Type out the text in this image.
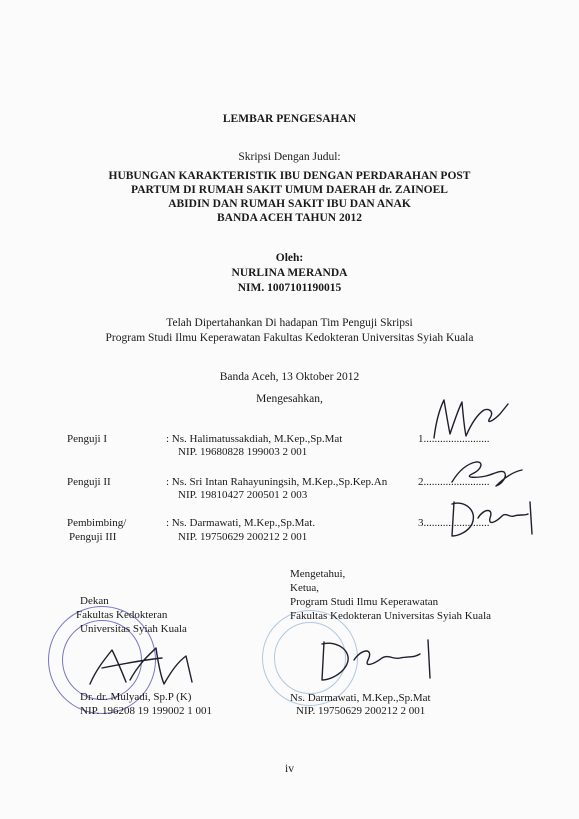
LEMBAR PENGESAHAN
Skripsi Dengan Judul:
HUBUNGAN KARAKTERISTIK IBU DENGAN PERDARAHAN POST
PARTUM DI RUMAH SAKIT UMUM DAERAH dr. ZAINOEL
ABIDIN DAN RUMAH SAKIT IBU DAN ANAK
BANDA ACEH TAHUN 2012
Oleh:
NURLINA MERANDA
NIM. 1007101190015
Telah Dipertahankan Di hadapan Tim Penguji Skripsi
Program Studi Ilmu Keperawatan Fakultas Kedokteran Universitas Syiah Kuala
Banda Aceh, 13 Oktober 2012
Mengesahkan,
Penguji I	: Ns. Halimatussakdiah, M.Kep.,Sp.Mat
NIP. 19680828 199003 2 001
1........................
Penguji II	: Ns. Sri Intan Rahayuningsih, M.Kep.,Sp.Kep.An
NIP. 19810427 200501 2 003
2........................
Pembimbing/
Penguji III
: Ns. Darmawati, M.Kep.,Sp.Mat.
NIP. 19750629 200212 2 001
3........................
Dekan
Fakultas Kedokteran
Universitas Syiah Kuala
Dr. dr. Mulyadi, Sp.P (K)
NIP. 196208 19 199002 1 001
Mengetahui,
Ketua,
Program Studi Ilmu Keperawatan
Fakultas Kedokteran Universitas Syiah Kuala
Ns. Darmawati, M.Kep.,Sp.Mat
NIP. 19750629 200212 2 001
iv
